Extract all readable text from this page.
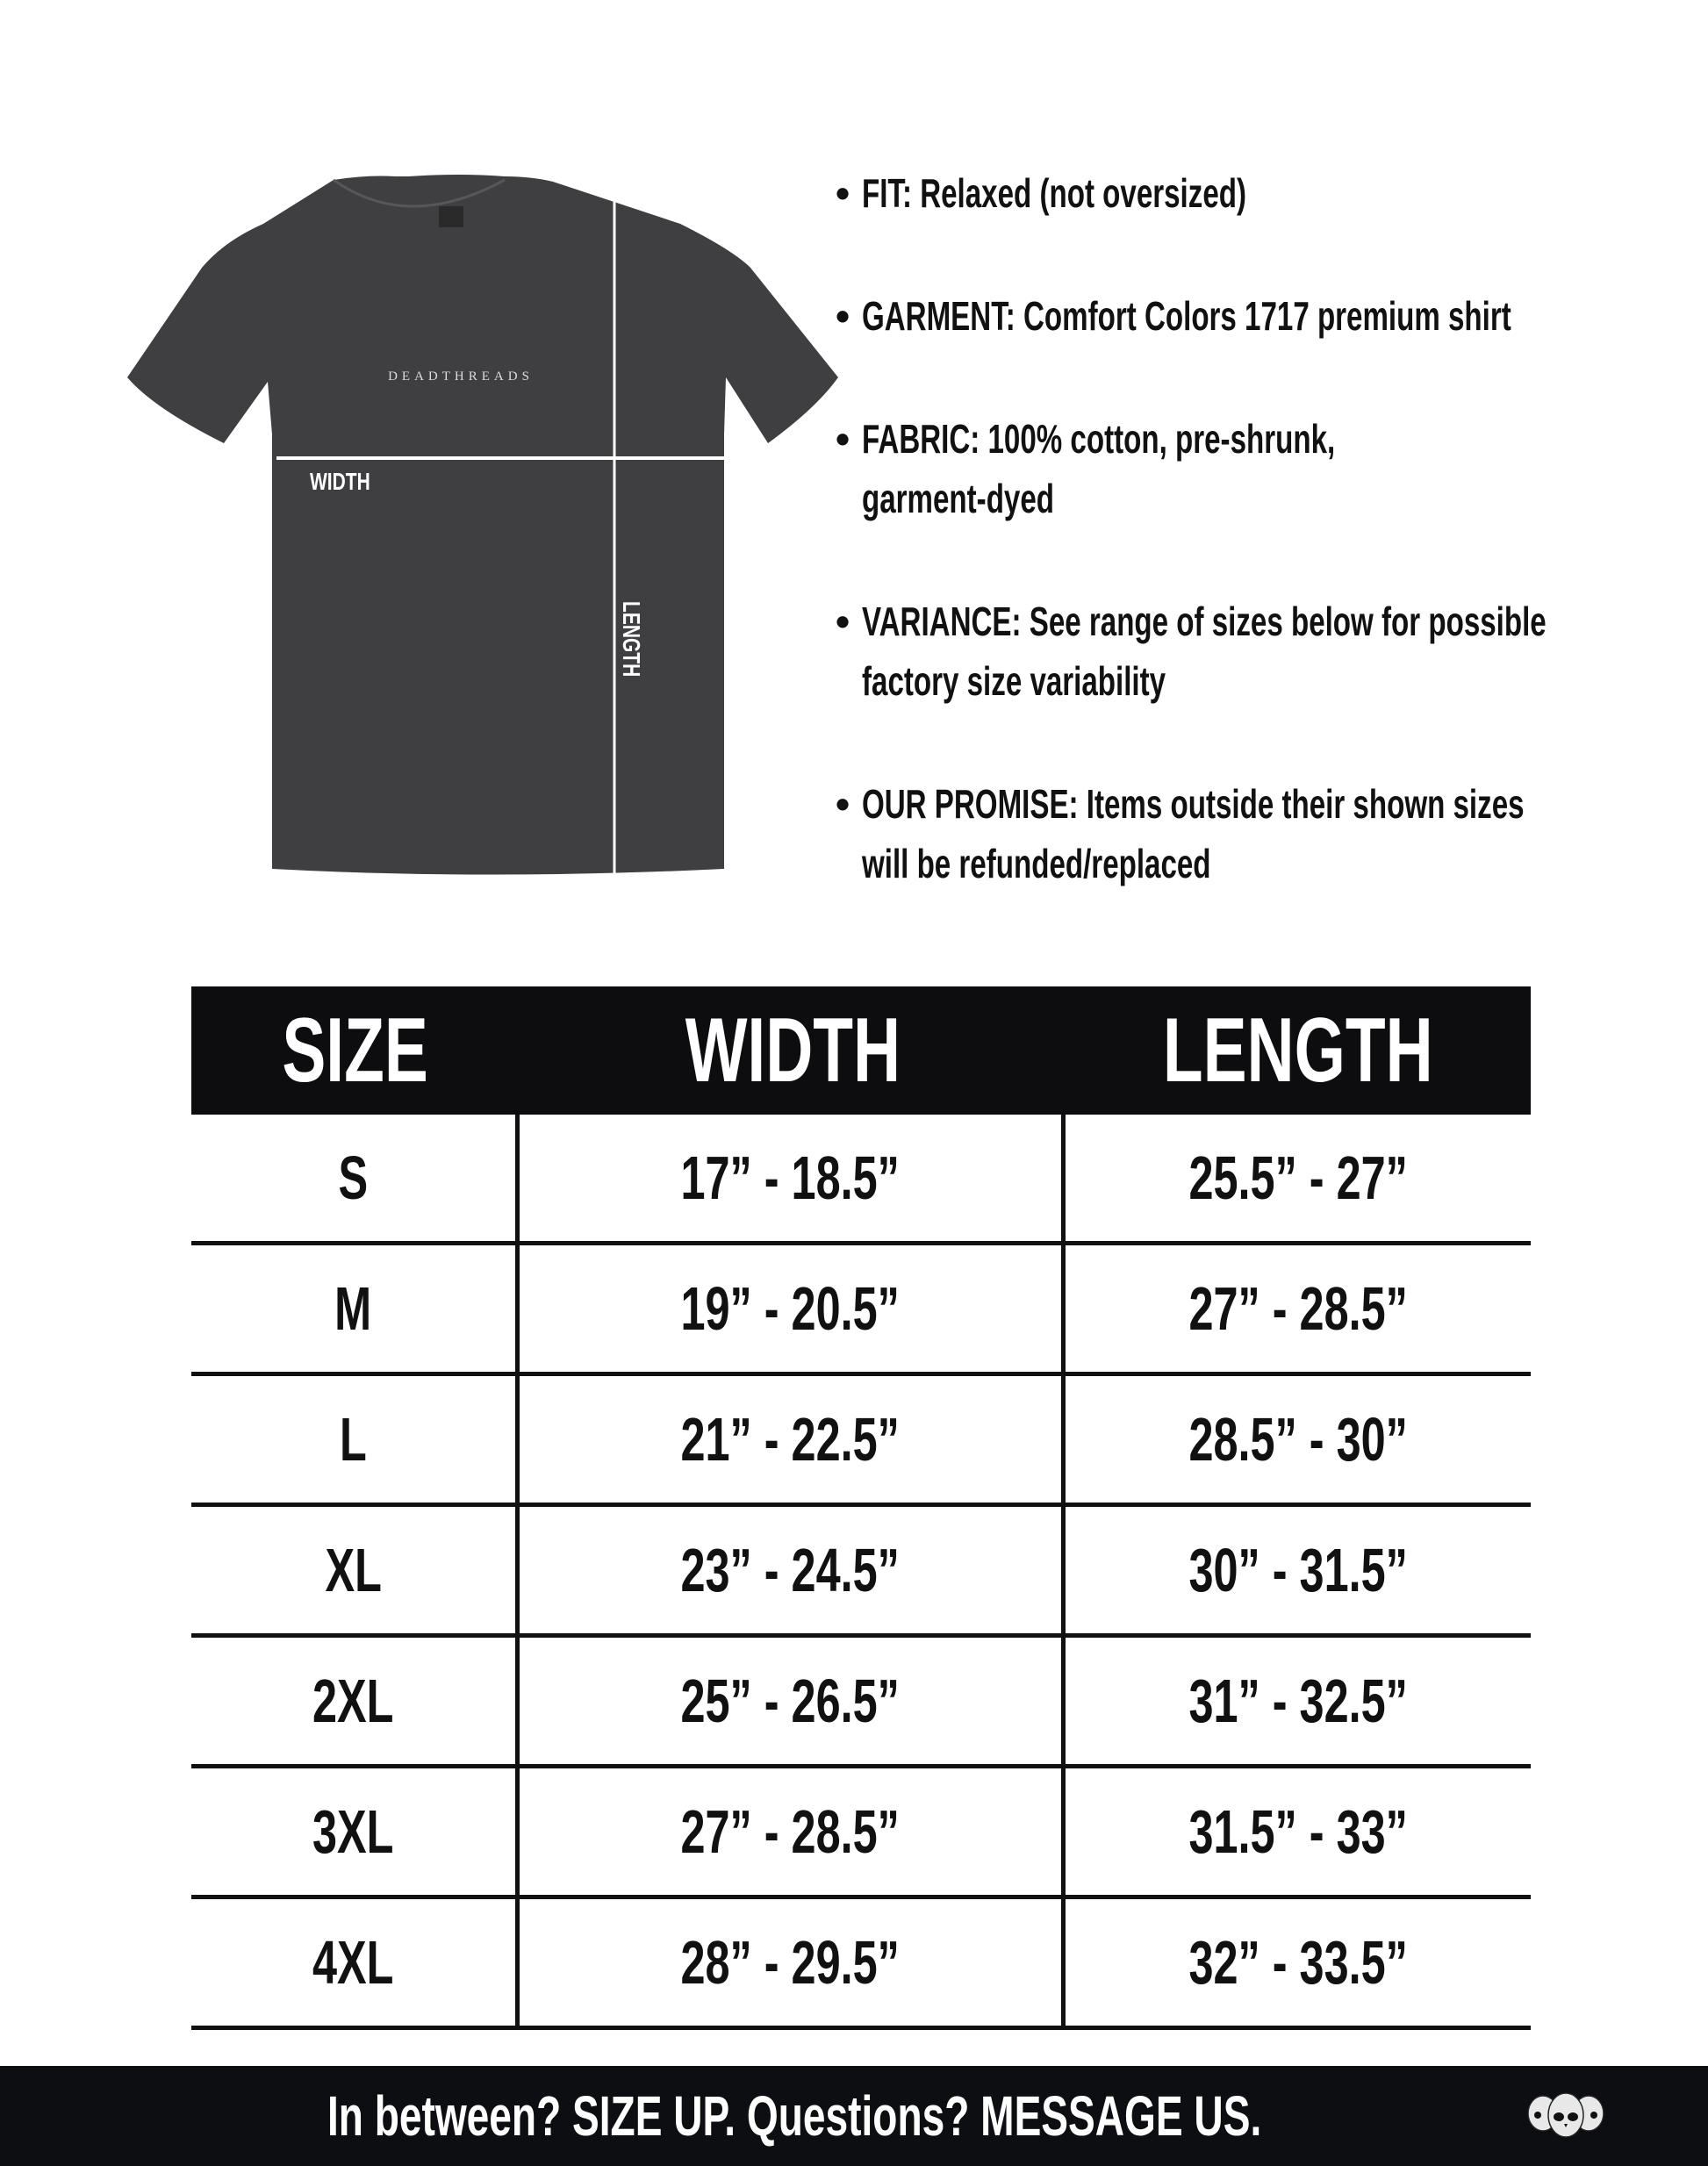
DEADTHREADS
WIDTH
LENGTH
• FIT: Relaxed (not oversized)
• GARMENT: Comfort Colors 1717 premium shirt
• FABRIC: 100% cotton, pre-shrunk,
garment-dyed
• VARIANCE: See range of sizes below for possible
factory size variability
• OUR PROMISE: Items outside their shown sizes
will be refunded/replaced
SIZE	WIDTH	LENGTH
S	17” - 18.5”	25.5” - 27”
M	19” - 20.5”	27” - 28.5”
L	21” - 22.5”	28.5” - 30”
XL	23” - 24.5”	30” - 31.5”
2XL	25” - 26.5”	31” - 32.5”
3XL	27” - 28.5”	31.5” - 33”
4XL	28” - 29.5”	32” - 33.5”
In between? SIZE UP. Questions? MESSAGE US.
